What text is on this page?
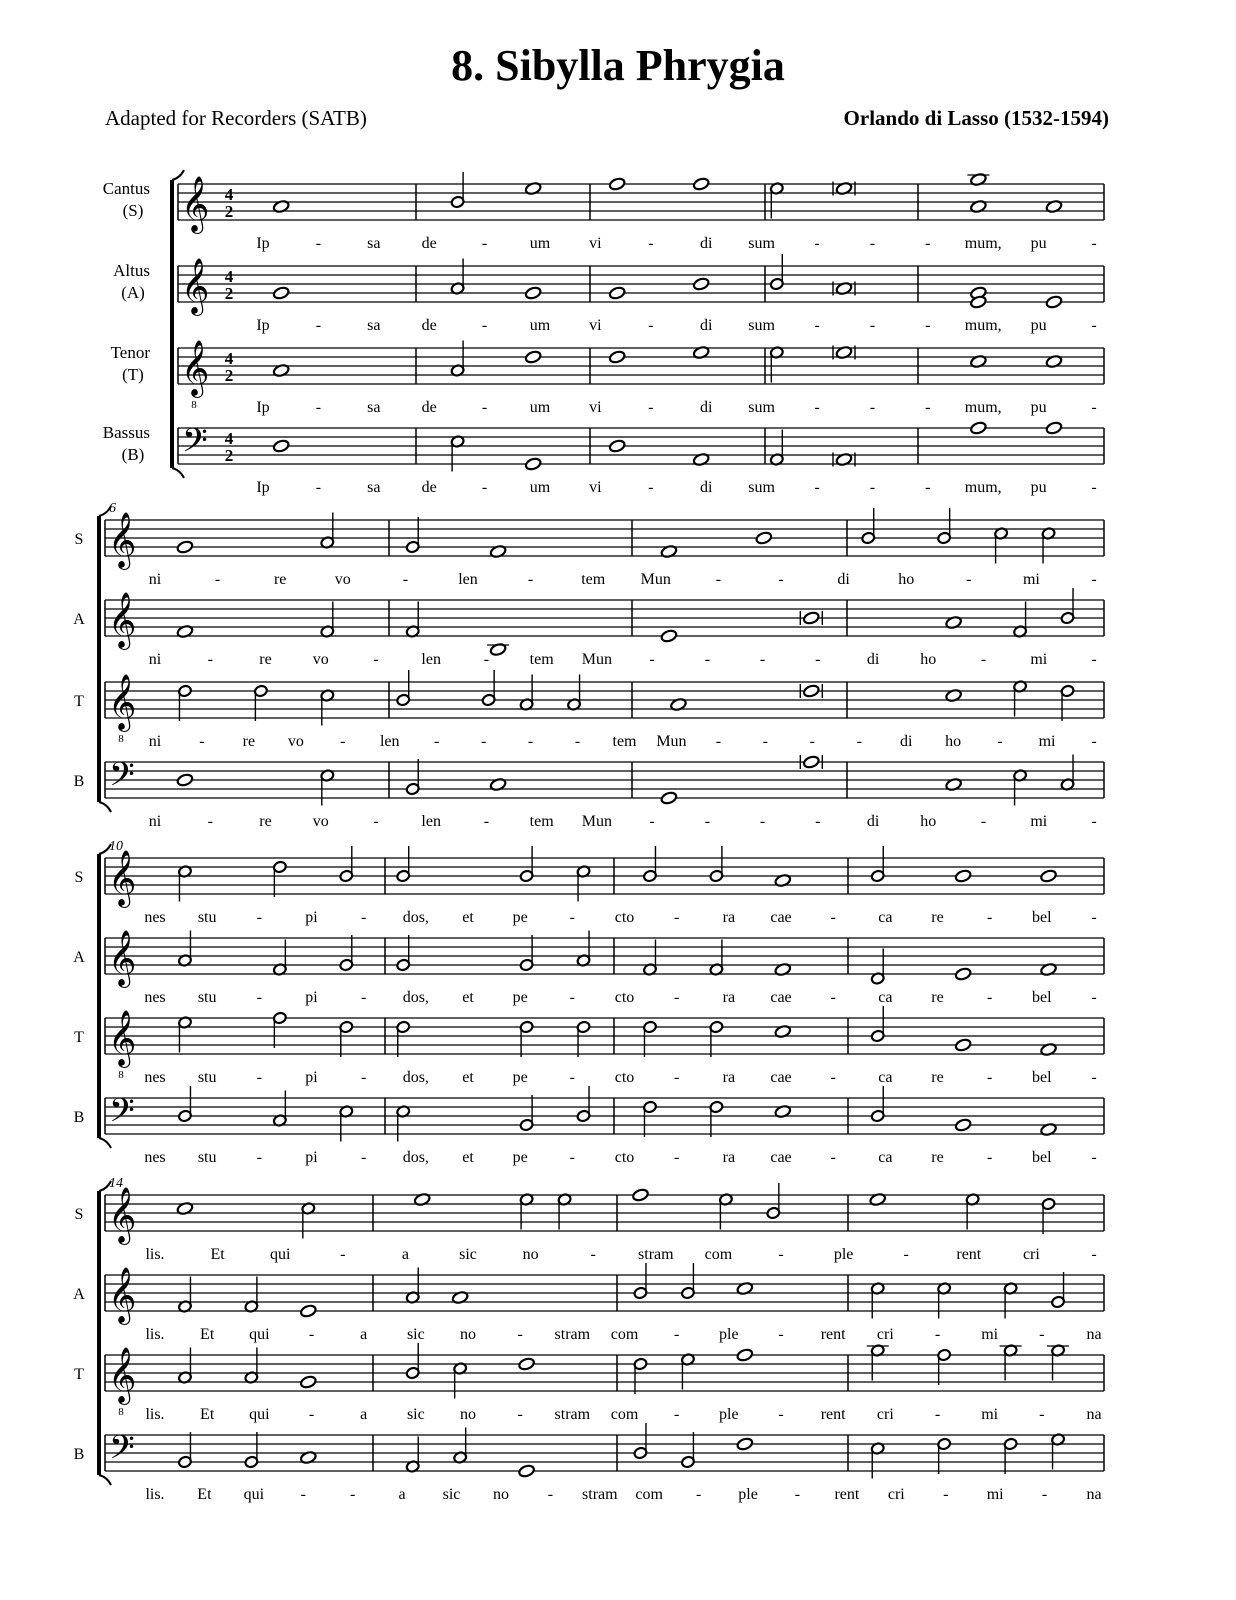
8. Sibylla Phrygia
Adapted for Recorders (SATB)	Orlando di Lasso (1532-1594)
𝄞 4
2
𝄞 4
2
𝄞
8
4
2
𝄢 4
2
Cantus
(S)
Ip	-	sa	de	-	um vi	-	di sum -	-	- mum, pu	-
Altus
(A)
Ip	-	sa	de	-	um vi	-	di sum -	-	- mum, pu	-
Tenor
(T)
Ip	-	sa	de	-	um vi	-	di sum -	-	- mum, pu	-
Bassus
(B)
Ip	-	sa	de	-	um vi	-	di sum -	-	- mum, pu	-
𝄞
𝄞
𝄞
8
𝄢
6
S
ni	-	re	vo	-	len	-	tem Mun	-	-	di	ho	-	mi	-
A
ni	-	re	vo	-	len	-	tem Mun -	-	-	-	di	ho	-	mi	-
T
ni - re vo - len -	-	-	- tem Mun -	-	-	- di ho - mi -
B
ni	-	re	vo	-	len	-	tem Mun -	-	-	-	di	ho	-	mi	-
𝄞
𝄞
𝄞
8
𝄢
10
S
nes stu	-	pi	- dos, et pe	- cto -	ra cae -	ca re	- bel -
A
nes stu	-	pi	- dos, et pe	- cto -	ra cae -	ca re	- bel -
T
nes stu	-	pi	- dos, et pe	- cto -	ra cae -	ca re	- bel -
B
nes stu	-	pi	- dos, et pe	- cto -	ra cae -	ca re	- bel -
𝄞
𝄞
𝄞
8
𝄢
14
S
lis.	Et	qui	-	a	sic	no	-	stram com	-	ple	-	rent	cri	-
A
lis. Et qui -	a sic no	- stram com - ple - rent cri	-	mi	-	na
T
lis. Et qui -	a sic no	- stram com - ple - rent cri	-	mi	-	na
B
lis. Et qui -	-	a sic no - stram com - ple - rent cri - mi - na
